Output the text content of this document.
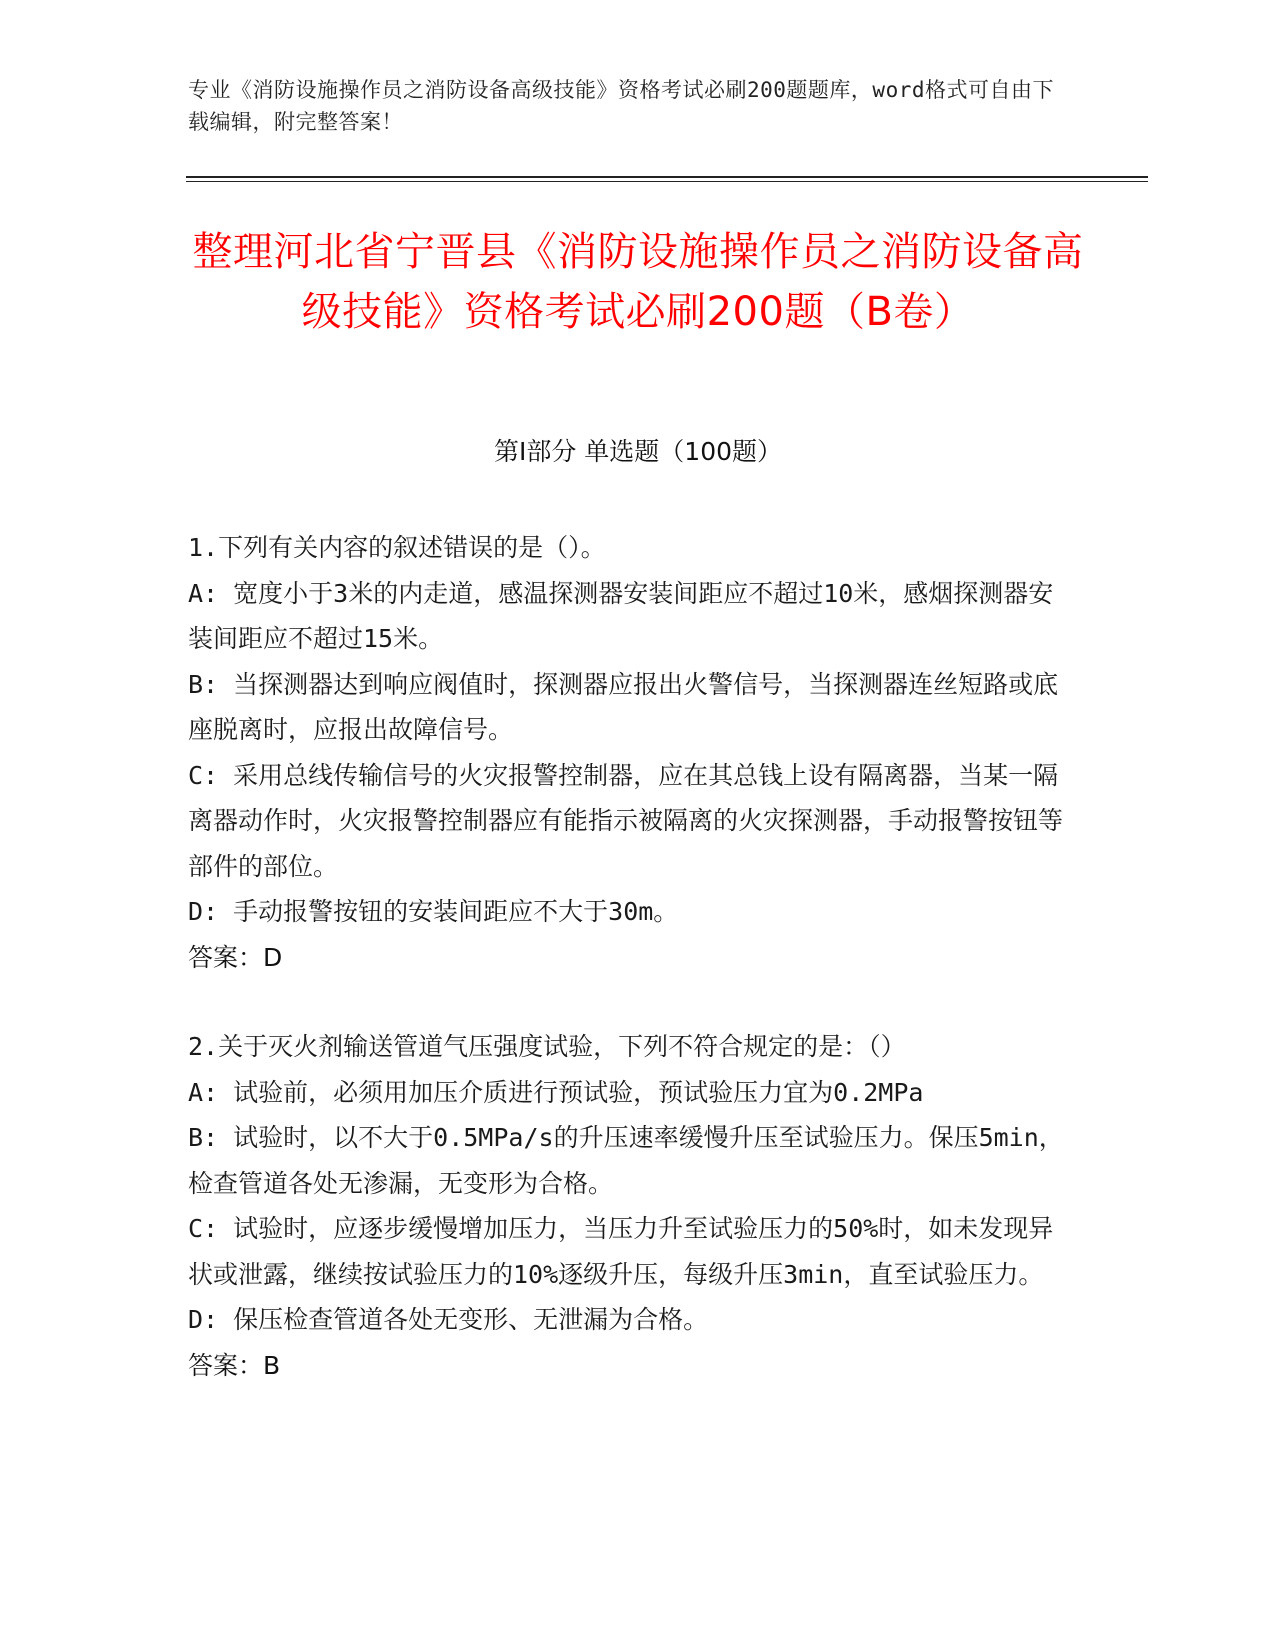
专业《消防设施操作员之消防设备高级技能》资格考试必刷200题题库，word格式可自由下载编辑，附完整答案！
整理河北省宁晋县《消防设施操作员之消防设备高级技能》资格考试必刷200题（B卷）
第I部分 单选题（100题）
1.下列有关内容的叙述错误的是（）。
A: 宽度小于3米的内走道，感温探测器安装间距应不超过10米，感烟探测器安装间距应不超过15米。
B: 当探测器达到响应阀值时，探测器应报出火警信号，当探测器连丝短路或底座脱离时，应报出故障信号。
C: 采用总线传输信号的火灾报警控制器，应在其总钱上设有隔离器，当某一隔离器动作时，火灾报警控制器应有能指示被隔离的火灾探测器，手动报警按钮等部件的部位。
D: 手动报警按钮的安装间距应不大于30m。
答案：D
2.关于灭火剂输送管道气压强度试验，下列不符合规定的是：（）
A: 试验前，必须用加压介质进行预试验，预试验压力宜为0.2MPa
B: 试验时，以不大于0.5MPa/s的升压速率缓慢升压至试验压力。保压5min，检查管道各处无渗漏，无变形为合格。
C: 试验时，应逐步缓慢增加压力，当压力升至试验压力的50%时，如未发现异状或泄露，继续按试验压力的10%逐级升压，每级升压3min，直至试验压力。
D: 保压检查管道各处无变形、无泄漏为合格。
答案：B
